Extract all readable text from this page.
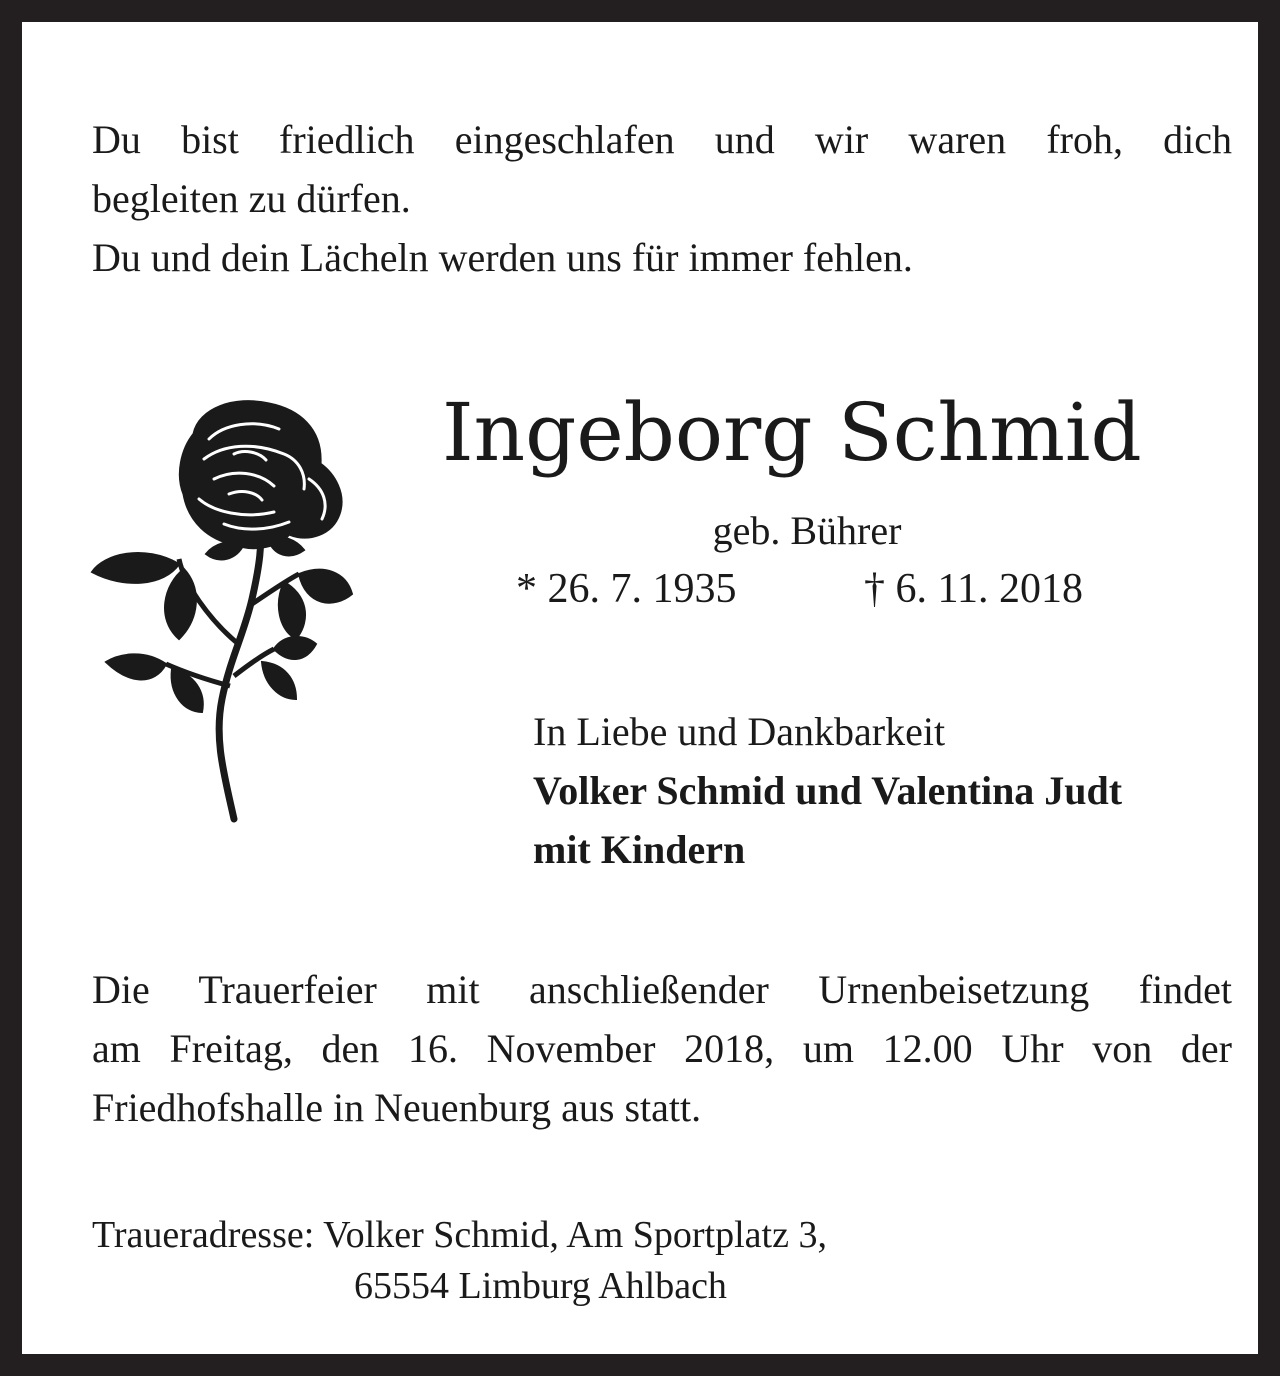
Du bist friedlich eingeschlafen und wir waren froh, dich
begleiten zu dürfen.
Du und dein Lächeln werden uns für immer fehlen.
Ingeborg Schmid
geb. Bührer
* 26. 7. 1935	† 6. 11. 2018
In Liebe und Dankbarkeit
Volker Schmid und Valentina Judt
mit Kindern
Die Trauerfeier mit anschließender Urnenbeisetzung findet
am Freitag, den 16. November 2018, um 12.00 Uhr von der
Friedhofshalle in Neuenburg aus statt.
Traueradresse: Volker Schmid, Am Sportplatz 3,
65554 Limburg Ahlbach
